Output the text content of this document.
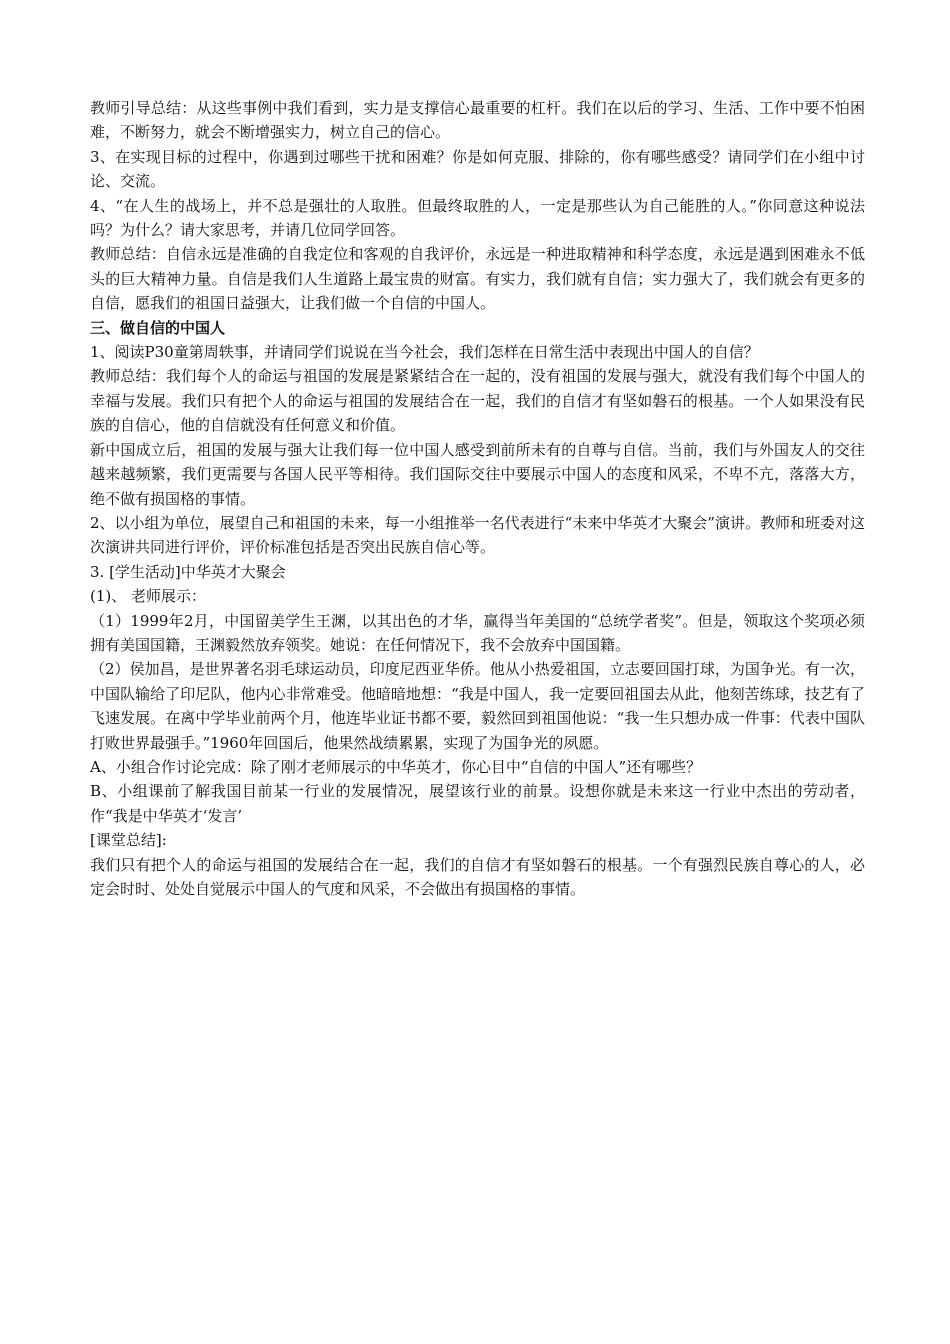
教师引导总结：从这些事例中我们看到，实力是支撑信心最重要的杠杆。我们在以后的学习、生活、工作中要不怕困难，不断努力，就会不断增强实力，树立自己的信心。

3、在实现目标的过程中，你遇到过哪些干扰和困难？你是如何克服、排除的，你有哪些感受？请同学们在小组中讨论、交流。

4、“在人生的战场上，并不总是强壮的人取胜。但最终取胜的人，一定是那些认为自己能胜的人。”你同意这种说法吗？为什么？请大家思考，并请几位同学回答。

教师总结：自信永远是准确的自我定位和客观的自我评价，永远是一种进取精神和科学态度，永远是遇到困难永不低头的巨大精神力量。自信是我们人生道路上最宝贵的财富。有实力，我们就有自信；实力强大了，我们就会有更多的自信，愿我们的祖国日益强大，让我们做一个自信的中国人。

三、做自信的中国人

1、阅读P30童第周轶事，并请同学们说说在当今社会，我们怎样在日常生活中表现出中国人的自信？

教师总结：我们每个人的命运与祖国的发展是紧紧结合在一起的，没有祖国的发展与强大，就没有我们每个中国人的幸福与发展。我们只有把个人的命运与祖国的发展结合在一起，我们的自信才有坚如磐石的根基。一个人如果没有民族的自信心，他的自信就没有任何意义和价值。

新中国成立后，祖国的发展与强大让我们每一位中国人感受到前所未有的自尊与自信。当前，我们与外国友人的交往越来越频繁，我们更需要与各国人民平等相待。我们国际交往中要展示中国人的态度和风采，不卑不亢，落落大方，绝不做有损国格的事情。

2、以小组为单位，展望自己和祖国的未来，每一小组推举一名代表进行“未来中华英才大聚会”演讲。教师和班委对这次演讲共同进行评价，评价标准包括是否突出民族自信心等。

3. [学生活动]中华英才大聚会

(1)、 老师展示：

（1）1999年2月，中国留美学生王渊，以其出色的才华，赢得当年美国的“总统学者奖”。但是，领取这个奖项必须拥有美国国籍，王渊毅然放弃领奖。她说：在任何情况下，我不会放弃中国国籍。

（2）侯加昌，是世界著名羽毛球运动员，印度尼西亚华侨。他从小热爱祖国，立志要回国打球，为国争光。有一次，中国队输给了印尼队，他内心非常难受。他暗暗地想：“我是中国人，我一定要回祖国去从此，他刻苦练球，技艺有了飞速发展。在离中学毕业前两个月，他连毕业证书都不要，毅然回到祖国他说：“我一生只想办成一件事：代表中国队打败世界最强手。”1960年回国后，他果然战绩累累，实现了为国争光的夙愿。

A、小组合作讨论完成：除了刚才老师展示的中华英才，你心目中“自信的中国人”还有哪些？

B、小组课前了解我国目前某一行业的发展情况，展望该行业的前景。设想你就是未来这一行业中杰出的劳动者，作“我是中华英才‘发言’

[课堂总结]:

我们只有把个人的命运与祖国的发展结合在一起，我们的自信才有坚如磐石的根基。一个有强烈民族自尊心的人，必定会时时、处处自觉展示中国人的气度和风采，不会做出有损国格的事情。
